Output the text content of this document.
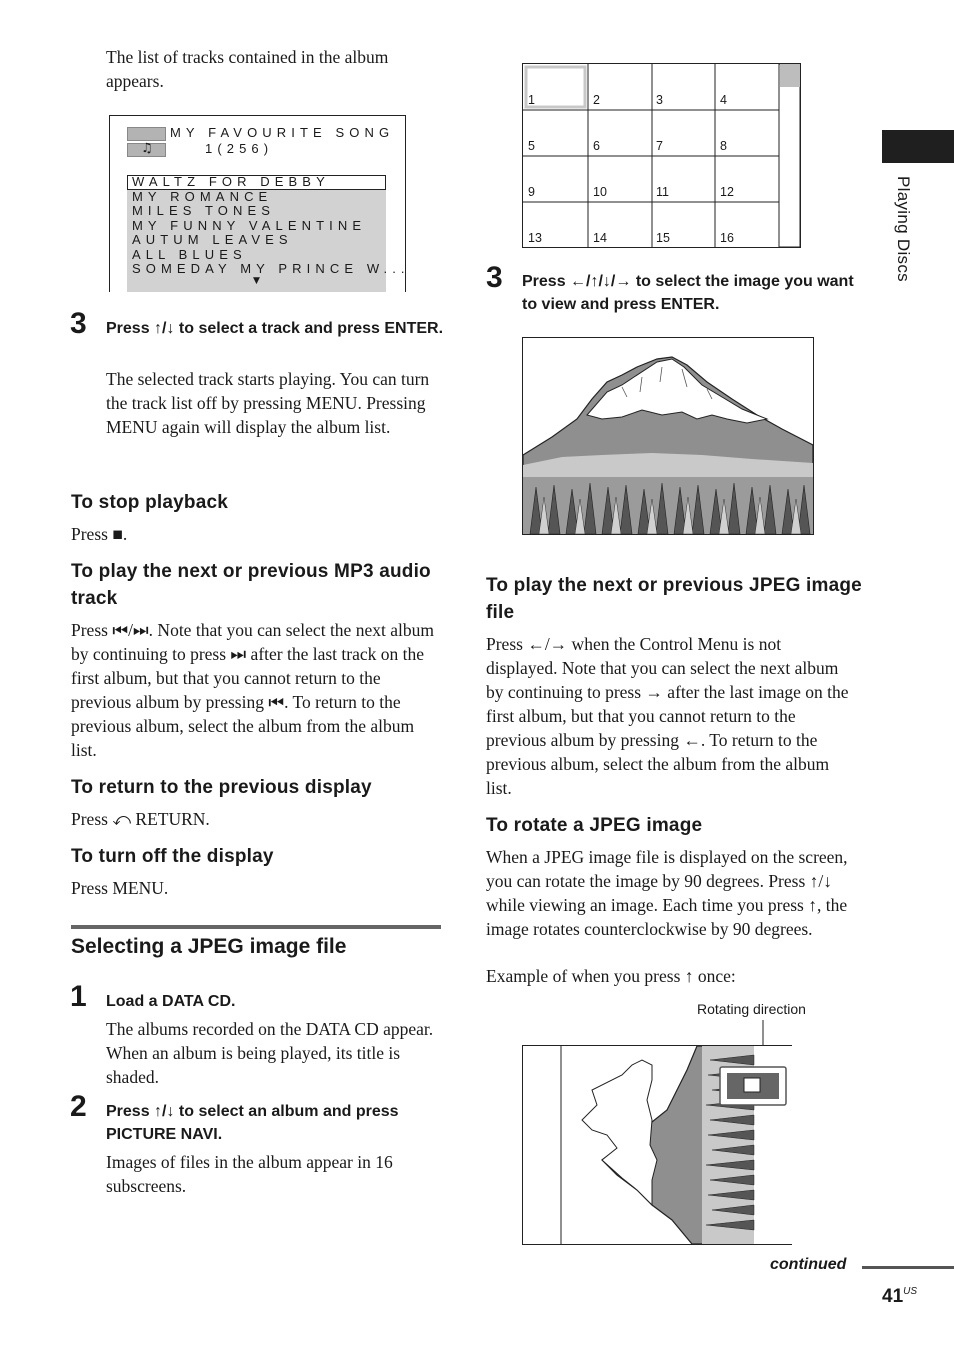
The list of tracks contained in the album appears.

♫
MY FAVOURITE SONG
1(256)
WALTZ FOR DEBBY
MY ROMANCE
MILES TONES
MY FUNNY VALENTINE
AUTUM LEAVES
ALL BLUES
SOMEDAY MY PRINCE W...
▼
3 Press ↑/↓ to select a track and press ENTER.

The selected track starts playing. You can turn the track list off by pressing MENU. Pressing MENU again will display the album list.

To stop playback

Press ■.

To play the next or previous MP3 audio track

Press ⏮/⏭. Note that you can select the next album by continuing to press ⏭ after the last track on the first album, but that you cannot return to the previous album by pressing ⏮. To return to the previous album, select the album from the album list.

To return to the previous display

Press ⤺ RETURN.

To turn off the display

Press MENU.

Selecting a JPEG image file
1 Load a DATA CD.

The albums recorded on the DATA CD appear. When an album is being played, its title is shaded.

2 Press ↑/↓ to select an album and press PICTURE NAVI.

Images of files in the album appear in 16 subscreens.

1	2	3	4
5	6	7	8
9	10	11	12
13	14	15	16
3 Press ←/↑/↓/→ to select the image you want to view and press ENTER.

To play the next or previous JPEG image file

Press ←/→ when the Control Menu is not displayed. Note that you can select the next album by continuing to press → after the last image on the first album, but that you cannot return to the previous album by pressing ←. To return to the previous album, select the album from the album list.

To rotate a JPEG image

When a JPEG image file is displayed on the screen, you can rotate the image by 90 degrees. Press ↑/↓ while viewing an image. Each time you press ↑, the image rotates counterclockwise by 90 degrees.

Example of when you press ↑ once:

Rotating direction
Playing Discs
continued
$41^{US}$
